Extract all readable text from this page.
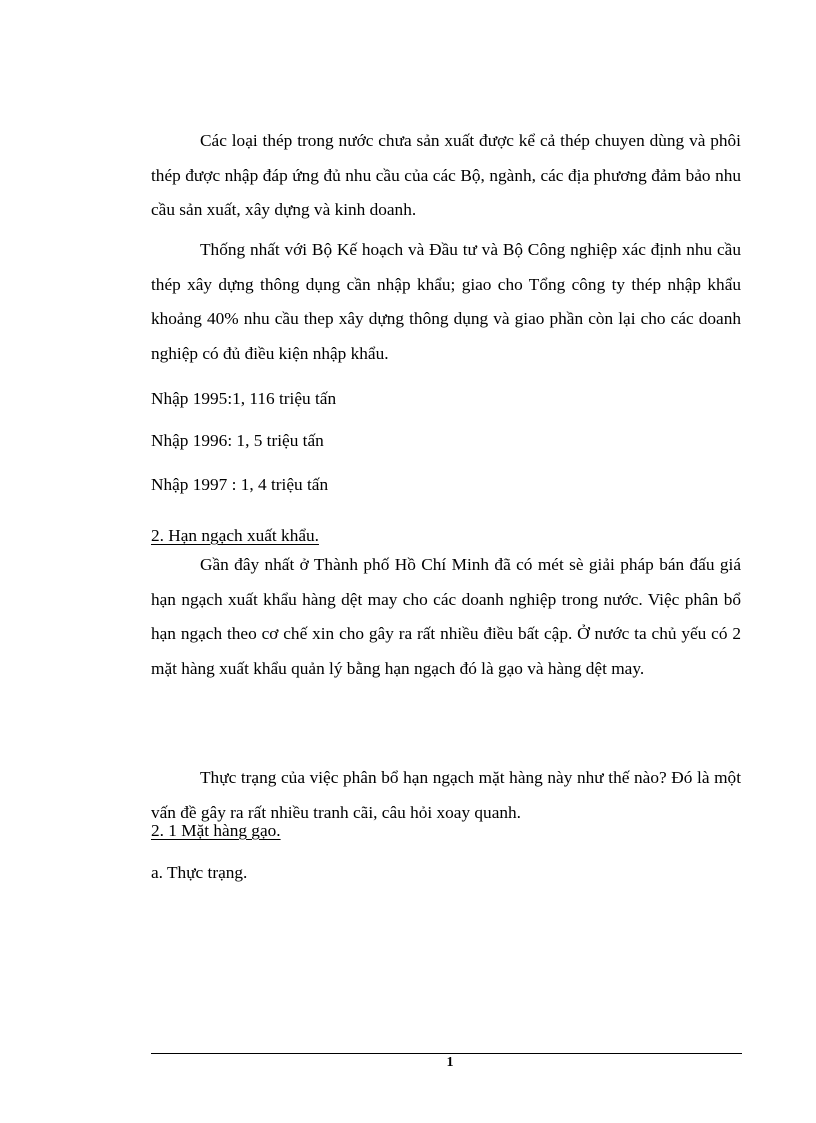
Các loại thép trong nước chưa sản xuất được kể cả thép chuyen dùng và phôi thép được nhập đáp ứng đủ nhu cầu của các Bộ, ngành, các địa phương đảm bảo nhu cầu sản xuất, xây dựng và kinh doanh.

Thống nhất với Bộ Kế hoạch và Đầu tư và Bộ Công nghiệp xác định nhu cầu thép xây dựng thông dụng cần nhập khẩu; giao cho Tổng công ty thép nhập khẩu khoảng 40% nhu cầu thep xây dựng thông dụng và giao phần còn lại cho các doanh nghiệp có đủ điều kiện nhập khẩu.

Nhập 1995:1, 116 triệu tấn

Nhập 1996: 1, 5 triệu tấn

Nhập 1997 : 1, 4 triệu tấn

2. Hạn ngạch xuất khẩu.

Gần đây nhất ở Thành phố Hồ Chí Minh đã có mét sè giải pháp bán đấu giá hạn ngạch xuất khẩu hàng dệt may cho các doanh nghiệp trong nước. Việc phân bổ hạn ngạch theo cơ chế xin cho gây ra rất nhiều điều bất cập. Ở nước ta chủ yếu có 2 mặt hàng xuất khẩu quản lý bằng hạn ngạch đó là gạo và hàng dệt may.

Thực trạng của việc phân bổ hạn ngạch mặt hàng này như thế nào? Đó là một vấn đề gây ra rất nhiều tranh cãi, câu hỏi xoay quanh.

2. 1 Mặt hàng gạo.

a. Thực trạng.

1
